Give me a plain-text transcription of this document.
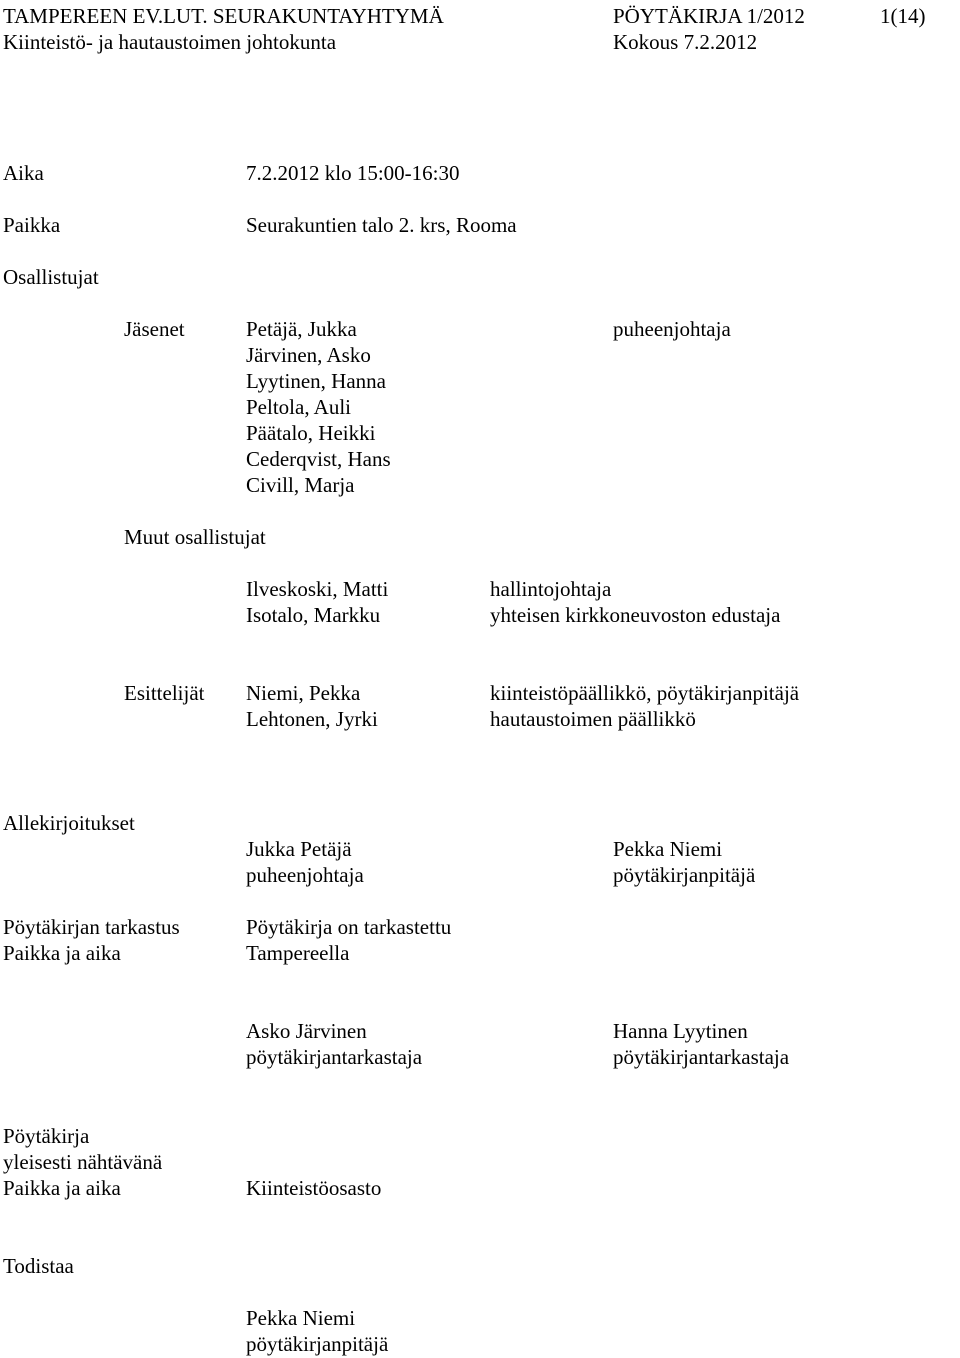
TAMPEREEN EV.LUT. SEURAKUNTAYHTYMÄ	PÖYTÄKIRJA 1/2012	1(14)

Kiinteistö- ja hautaustoimen johtokunta	Kokous 7.2.2012

Aika	7.2.2012 klo 15:00-16:30

Paikka	Seurakuntien talo 2. krs, Rooma

Osallistujat

Jäsenet	Petäjä, Jukka	puheenjohtaja

Järvinen, Asko

Lyytinen, Hanna

Peltola, Auli

Päätalo, Heikki

Cederqvist, Hans

Civill, Marja

Muut osallistujat

Ilveskoski, Matti	hallintojohtaja

Isotalo, Markku	yhteisen kirkkoneuvoston edustaja

Esittelijät Niemi, Pekka	kiinteistöpäällikkö, pöytäkirjanpitäjä

Lehtonen, Jyrki	hautaustoimen päällikkö

Allekirjoitukset

Jukka Petäjä	Pekka Niemi

puheenjohtaja	pöytäkirjanpitäjä

Pöytäkirjan tarkastus	Pöytäkirja on tarkastettu

Paikka ja aika	Tampereella

Asko Järvinen	Hanna Lyytinen

pöytäkirjantarkastaja	pöytäkirjantarkastaja

Pöytäkirja

yleisesti nähtävänä

Paikka ja aika	Kiinteistöosasto

Todistaa

Pekka Niemi

pöytäkirjanpitäjä
